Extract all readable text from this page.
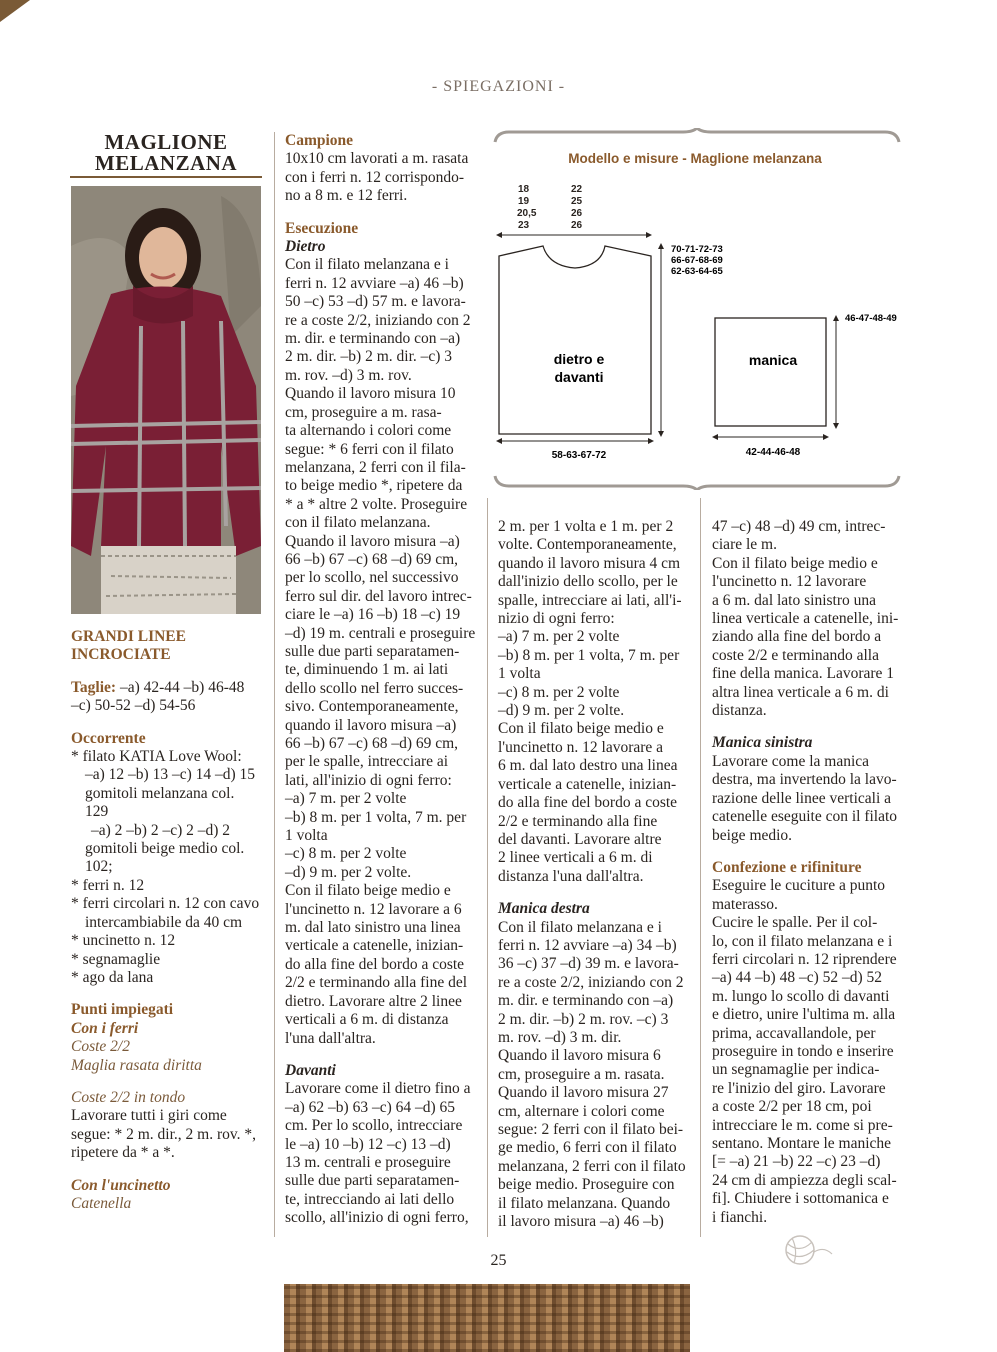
- SPIEGAZIONI -
MAGLIONE
MELANZANA
GRANDI LINEE
INCROCIATE

Taglie: –a) 42-44 –b) 46-48

–c) 50-52 –d) 54-56

Occorrente

* filato KATIA Love Wool:

–a) 12 –b) 13 –c) 14 –d) 15

gomitoli melanzana col.

129

–a) 2 –b) 2 –c) 2 –d) 2

gomitoli beige medio col.

102;

* ferri n. 12

* ferri circolari n. 12 con cavo

intercambiabile da 40 cm

* uncinetto n. 12

* segnamaglie

* ago da lana

Punti impiegati

Con i ferri

Coste 2/2

Maglia rasata diritta

Coste 2/2 in tondo

Lavorare tutti i giri come

segue: * 2 m. dir., 2 m. rov. *,

ripetere da * a *.

Con l'uncinetto

Catenella

Campione

10x10 cm lavorati a m. rasata

con i ferri n. 12 corrispondo-

no a 8 m. e 12 ferri.

Esecuzione

Dietro

Con il filato melanzana e i

ferri n. 12 avviare –a) 46 –b)

50 –c) 53 –d) 57 m. e lavora-

re a coste 2/2, iniziando con 2

m. dir. e terminando con –a)

2 m. dir. –b) 2 m. dir. –c) 3

m. rov. –d) 3 m. rov.

Quando il lavoro misura 10

cm, proseguire a m. rasa-

ta alternando i colori come

segue: * 6 ferri con il filato

melanzana, 2 ferri con il fila-

to beige medio *, ripetere da

* a * altre 2 volte. Proseguire

con il filato melanzana.

Quando il lavoro misura –a)

66 –b) 67 –c) 68 –d) 69 cm,

per lo scollo, nel successivo

ferro sul dir. del lavoro intrec-

ciare le –a) 16 –b) 18 –c) 19

–d) 19 m. centrali e proseguire

sulle due parti separatamen-

te, diminuendo 1 m. ai lati

dello scollo nel ferro succes-

sivo. Contemporaneamente,

quando il lavoro misura –a)

66 –b) 67 –c) 68 –d) 69 cm,

per le spalle, intrecciare ai

lati, all'inizio di ogni ferro:

–a) 7 m. per 2 volte

–b) 8 m. per 1 volta, 7 m. per

1 volta

–c) 8 m. per 2 volte

–d) 9 m. per 2 volte.

Con il filato beige medio e

l'uncinetto n. 12 lavorare a 6

m. dal lato sinistro una linea

verticale a catenelle, inizian-

do alla fine del bordo a coste

2/2 e terminando alla fine del

dietro. Lavorare altre 2 linee

verticali a 6 m. di distanza

l'una dall'altra.

Davanti

Lavorare come il dietro fino a

–a) 62 –b) 63 –c) 64 –d) 65

cm. Per lo scollo, intrecciare

le –a) 10 –b) 12 –c) 13 –d)

13 m. centrali e proseguire

sulle due parti separatamen-

te, intrecciando ai lati dello

scollo, all'inizio di ogni ferro,

Modello e misure - Maglione melanzana
18
19
20,5
23
22
25
26
26
dietro e
davanti
58-63-67-72
70-71-72-73
66-67-68-69
62-63-64-65
manica
46-47-48-49
42-44-46-48

2 m. per 1 volta e 1 m. per 2

volte. Contemporaneamente,

quando il lavoro misura 4 cm

dall'inizio dello scollo, per le

spalle, intrecciare ai lati, all'i-

nizio di ogni ferro:

–a) 7 m. per 2 volte

–b) 8 m. per 1 volta, 7 m. per

1 volta

–c) 8 m. per 2 volte

–d) 9 m. per 2 volte.

Con il filato beige medio e

l'uncinetto n. 12 lavorare a

6 m. dal lato destro una linea

verticale a catenelle, inizian-

do alla fine del bordo a coste

2/2 e terminando alla fine

del davanti. Lavorare altre

2 linee verticali a 6 m. di

distanza l'una dall'altra.

Manica destra

Con il filato melanzana e i

ferri n. 12 avviare –a) 34 –b)

36 –c) 37 –d) 39 m. e lavora-

re a coste 2/2, iniziando con 2

m. dir. e terminando con –a)

2 m. dir. –b) 2 m. rov. –c) 3

m. rov. –d) 3 m. dir.

Quando il lavoro misura 6

cm, proseguire a m. rasata.

Quando il lavoro misura 27

cm, alternare i colori come

segue: 2 ferri con il filato bei-

ge medio, 6 ferri con il filato

melanzana, 2 ferri con il filato

beige medio. Proseguire con

il filato melanzana. Quando

il lavoro misura –a) 46 –b)

47 –c) 48 –d) 49 cm, intrec-

ciare le m.

Con il filato beige medio e

l'uncinetto n. 12 lavorare

a 6 m. dal lato sinistro una

linea verticale a catenelle, ini-

ziando alla fine del bordo a

coste 2/2 e terminando alla

fine della manica. Lavorare 1

altra linea verticale a 6 m. di

distanza.

Manica sinistra

Lavorare come la manica

destra, ma invertendo la lavo-

razione delle linee verticali a

catenelle eseguite con il filato

beige medio.

Confezione e rifiniture

Eseguire le cuciture a punto

materasso.

Cucire le spalle. Per il col-

lo, con il filato melanzana e i

ferri circolari n. 12 riprendere

–a) 44 –b) 48 –c) 52 –d) 52

m. lungo lo scollo di davanti

e dietro, unire l'ultima m. alla

prima, accavallandole, per

proseguire in tondo e inserire

un segnamaglie per indica-

re l'inizio del giro. Lavorare

a coste 2/2 per 18 cm, poi

intrecciare le m. come si pre-

sentano. Montare le maniche

[= –a) 21 –b) 22 –c) 23 –d)

24 cm di ampiezza degli scal-

fi]. Chiudere i sottomanica e

i fianchi.

25
